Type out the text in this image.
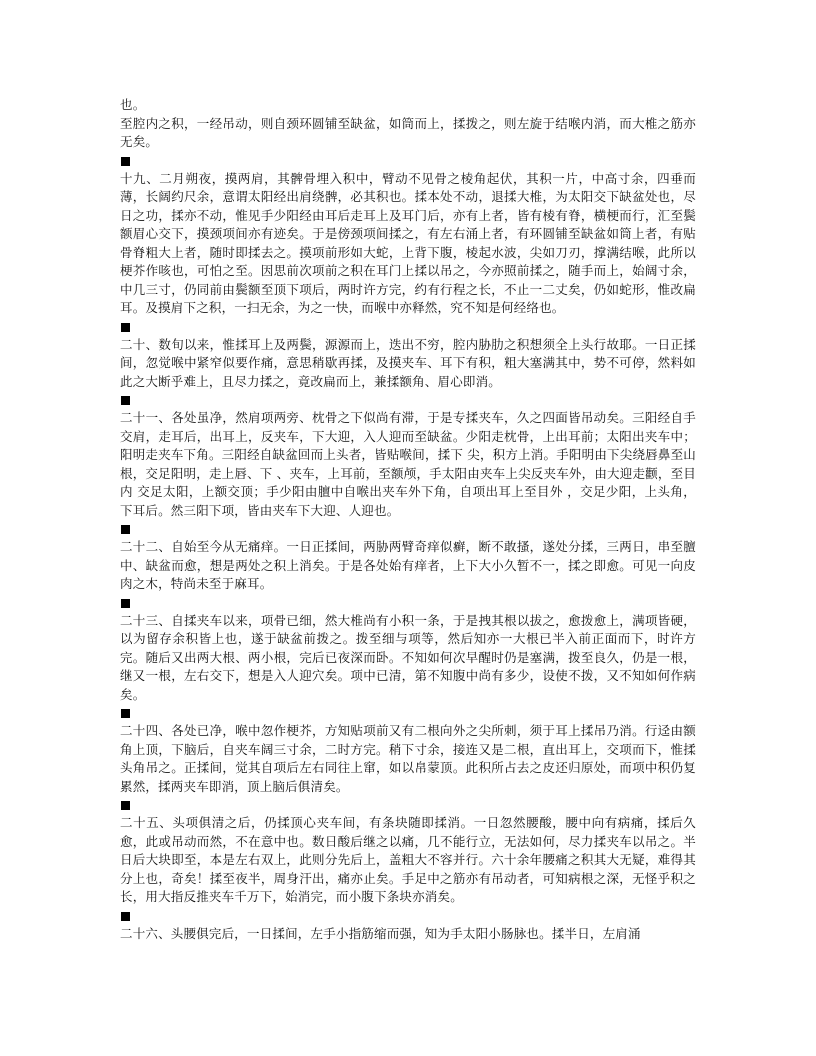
也。

至腔内之积，一经吊动，则自颈环圆铺至缺盆，如筒而上，揉拨之，则左旋于结喉内消，而大椎之筋亦无矣。

十九、二月朔夜，摸两肩，其髀骨埋入积中，臂动不见骨之棱角起伏，其积一片，中高寸余，四垂而薄，长阔约尺余，意谓太阳经出肩绕髀，必其积也。揉本处不动，退揉大椎，为太阳交下缺盆处也，尽日之功，揉亦不动，惟见手少阳经由耳后走耳上及耳门后，亦有上者，皆有棱有脊，横梗而行，汇至鬓额眉心交下，摸颈项间亦有迹矣。于是傍颈项间揉之，有左右涌上者，有环圆铺至缺盆如筒上者，有贴骨脊粗大上者，随时即揉去之。摸项前形如大蛇，上背下腹，棱起水波，尖如刀刃，撑满结喉，此所以梗芥作咳也，可怕之至。因思前次项前之积在耳门上揉以吊之，今亦照前揉之，随手而上，始阔寸余，中几三寸，仍同前由鬓额至顶下项后，两时许方完，约有行程之长，不止一二丈矣，仍如蛇形，惟改扁耳。及摸肩下之积，一扫无余，为之一快，而喉中亦释然，究不知是何经络也。

二十、数旬以来，惟揉耳上及两鬓，源源而上，迭出不穷，腔内胁肋之积想须全上头行故耶。一日正揉间，忽觉喉中紧窄似要作痛，意思稍歇再揉，及摸夹车、耳下有积，粗大塞满其中，势不可停，然料如此之大断乎难上，且尽力揉之，竟改扁而上，兼揉额角、眉心即消。

二十一、各处虽净，然肩项两旁、枕骨之下似尚有滞，于是专揉夹车，久之四面皆吊动矣。三阳经自手交肩，走耳后，出耳上，反夹车，下大迎，入人迎而至缺盆。少阳走枕骨，上出耳前；太阳出夹车中；阳明走夹车下角。三阳经自缺盆回而上头者，皆贴喉间，揉下 尖，积方上消。手阳明由下尖绕唇鼻至山根，交足阳明，走上唇、下 、夹车，上耳前，至额颅，手太阳由夹车上尖反夹车外，由大迎走颧，至目内 交足太阳，上额交顶；手少阳由膻中自喉出夹车外下角，自项出耳上至目外 ，交足少阳，上头角，下耳后。然三阳下项，皆由夹车下大迎、人迎也。

二十二、自始至今从无痛痒。一日正揉间，两胁两臂奇痒似癣，断不敢搔，遂处分揉，三两日，串至膻中、缺盆而愈，想是两处之积上消矣。于是各处始有痒者，上下大小久暂不一，揉之即愈。可见一向皮肉之木，特尚未至于麻耳。

二十三、自揉夹车以来，项骨已细，然大椎尚有小积一条，于是拽其根以拔之，愈拨愈上，满项皆硬，以为留存余积皆上也，遂于缺盆前拨之。拨至细与项等，然后知亦一大根已半入前正面而下，时许方完。随后又出两大根、两小根，完后已夜深而卧。不知如何次早醒时仍是塞满，拨至良久，仍是一根，继又一根，左右交下，想是入人迎穴矣。项中已清，第不知腹中尚有多少，设使不拨，又不知如何作病矣。

二十四、各处已净，喉中忽作梗芥，方知贴项前又有二根向外之尖所刺，须于耳上揉吊乃消。行迳由额角上顶，下脑后，自夹车阔三寸余，二时方完。稍下寸余，接连又是二根，直出耳上，交项而下，惟揉头角吊之。正揉间，觉其自项后左右同往上窜，如以帛蒙顶。此积所占去之皮还归原处，而项中积仍复累然，揉两夹车即消，顶上脑后俱清矣。

二十五、头项俱清之后，仍揉顶心夹车间，有条块随即揉消。一日忽然腰酸，腰中向有病痛，揉后久愈，此或吊动而然，不在意中也。数日酸后继之以痛，几不能行立，无法如何，尽力揉夹车以吊之。半日后大块即至，本是左右双上，此则分先后上，盖粗大不容并行。六十余年腰痛之积其大无疑，难得其分上也，奇矣！揉至夜半，周身汗出，痛亦止矣。手足中之筋亦有吊动者，可知病根之深，无怪乎积之长，用大指反推夹车千万下，始消完，而小腹下条块亦消矣。

二十六、头腰俱完后，一日揉间，左手小指筋缩而强，知为手太阳小肠脉也。揉半日，左肩涌
